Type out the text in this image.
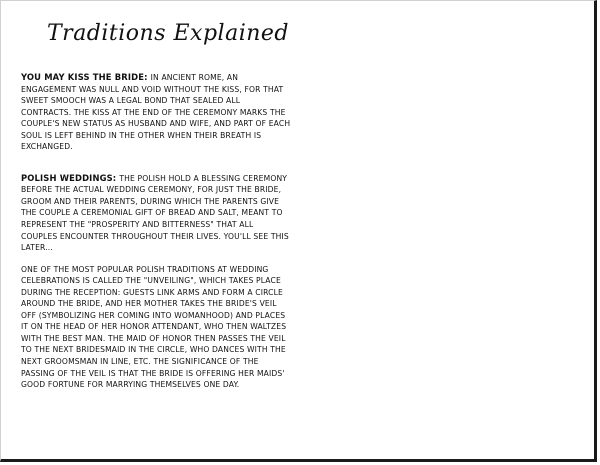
Traditions Explained

YOU MAY KISS THE BRIDE: IN ANCIENT ROME, AN ENGAGEMENT WAS NULL AND VOID WITHOUT THE KISS, FOR THAT SWEET SMOOCH WAS A LEGAL BOND THAT SEALED ALL CONTRACTS. THE KISS AT THE END OF THE CEREMONY MARKS THE COUPLE'S NEW STATUS AS HUSBAND AND WIFE, AND PART OF EACH SOUL IS LEFT BEHIND IN THE OTHER WHEN THEIR BREATH IS EXCHANGED.

POLISH WEDDINGS: THE POLISH HOLD A BLESSING CEREMONY BEFORE THE ACTUAL WEDDING CEREMONY, FOR JUST THE BRIDE, GROOM AND THEIR PARENTS, DURING WHICH THE PARENTS GIVE THE COUPLE A CEREMONIAL GIFT OF BREAD AND SALT, MEANT TO REPRESENT THE "PROSPERITY AND BITTERNESS" THAT ALL COUPLES ENCOUNTER THROUGHOUT THEIR LIVES. YOU'LL SEE THIS LATER...

ONE OF THE MOST POPULAR POLISH TRADITIONS AT WEDDING CELEBRATIONS IS CALLED THE "UNVEILING", WHICH TAKES PLACE DURING THE RECEPTION: GUESTS LINK ARMS AND FORM A CIRCLE AROUND THE BRIDE, AND HER MOTHER TAKES THE BRIDE'S VEIL OFF (SYMBOLIZING HER COMING INTO WOMANHOOD) AND PLACES IT ON THE HEAD OF HER HONOR ATTENDANT, WHO THEN WALTZES WITH THE BEST MAN. THE MAID OF HONOR THEN PASSES THE VEIL TO THE NEXT BRIDESMAID IN THE CIRCLE, WHO DANCES WITH THE NEXT GROOMSMAN IN LINE, ETC. THE SIGNIFICANCE OF THE PASSING OF THE VEIL IS THAT THE BRIDE IS OFFERING HER MAIDS' GOOD FORTUNE FOR MARRYING THEMSELVES ONE DAY.
